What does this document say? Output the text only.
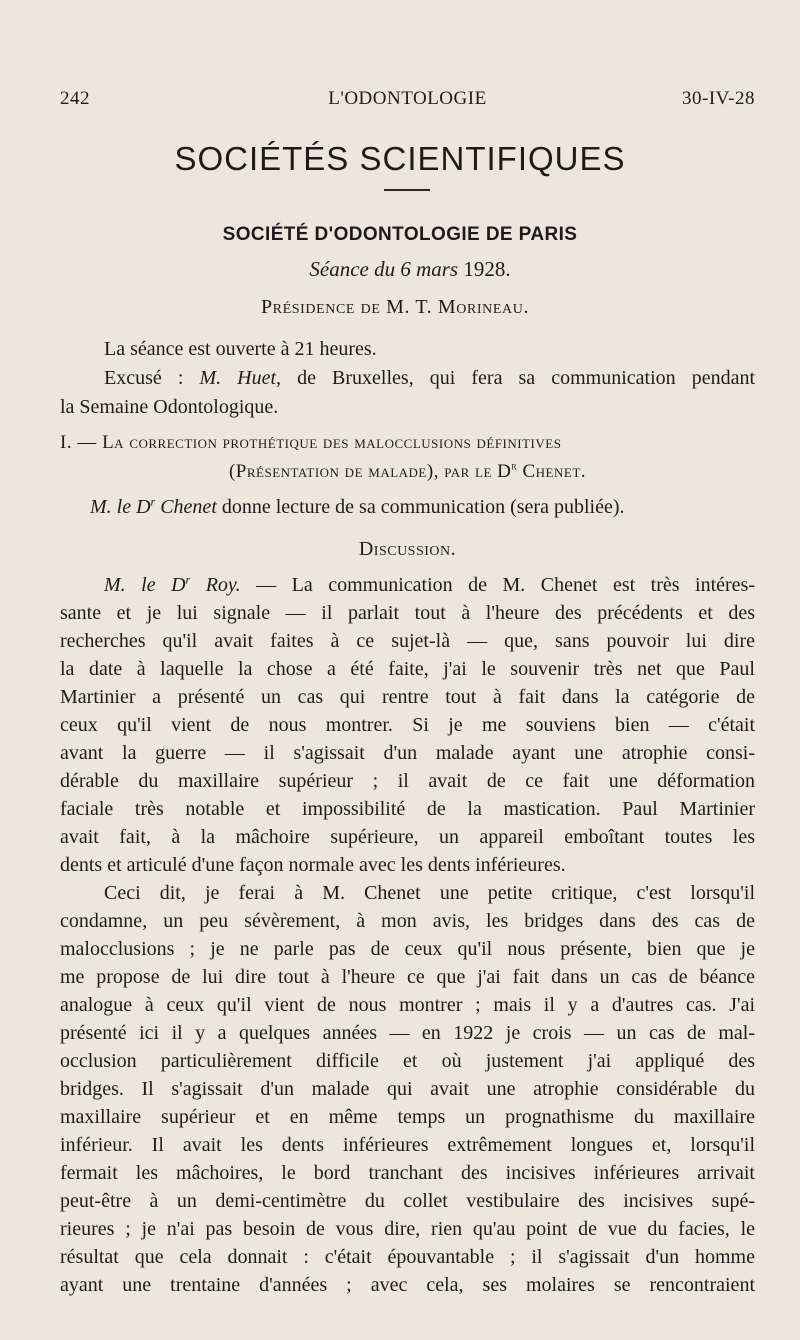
242	L'ODONTOLOGIE	30-IV-28
SOCIÉTÉS SCIENTIFIQUES
SOCIÉTÉ D'ODONTOLOGIE DE PARIS
Séance du 6 mars 1928.
Présidence de M. T. Morineau.
La séance est ouverte à 21 heures.
Excusé : M. Huet, de Bruxelles, qui fera sa communication pendant
la Semaine Odontologique.
I. — La correction prothétique des malocclusions définitives
(Présentation de malade), par le $D^r$ Chenet.
M. le $D^r$ Chenet donne lecture de sa communication (sera publiée).
Discussion.
M. le $D^r$ Roy. — La communication de M. Chenet est très intéres-
sante et je lui signale — il parlait tout à l'heure des précédents et des
recherches qu'il avait faites à ce sujet-là — que, sans pouvoir lui dire
la date à laquelle la chose a été faite, j'ai le souvenir très net que Paul
Martinier a présenté un cas qui rentre tout à fait dans la catégorie de
ceux qu'il vient de nous montrer. Si je me souviens bien — c'était
avant la guerre — il s'agissait d'un malade ayant une atrophie consi-
dérable du maxillaire supérieur ; il avait de ce fait une déformation
faciale très notable et impossibilité de la mastication. Paul Martinier
avait fait, à la mâchoire supérieure, un appareil emboîtant toutes les
dents et articulé d'une façon normale avec les dents inférieures.
Ceci dit, je ferai à M. Chenet une petite critique, c'est lorsqu'il
condamne, un peu sévèrement, à mon avis, les bridges dans des cas de
malocclusions ; je ne parle pas de ceux qu'il nous présente, bien que je
me propose de lui dire tout à l'heure ce que j'ai fait dans un cas de béance
analogue à ceux qu'il vient de nous montrer ; mais il y a d'autres cas. J'ai
présenté ici il y a quelques années — en 1922 je crois — un cas de mal-
occlusion particulièrement difficile et où justement j'ai appliqué des
bridges. Il s'agissait d'un malade qui avait une atrophie considérable du
maxillaire supérieur et en même temps un prognathisme du maxillaire
inférieur. Il avait les dents inférieures extrêmement longues et, lorsqu'il
fermait les mâchoires, le bord tranchant des incisives inférieures arrivait
peut-être à un demi-centimètre du collet vestibulaire des incisives supé-
rieures ; je n'ai pas besoin de vous dire, rien qu'au point de vue du facies, le
résultat que cela donnait : c'était épouvantable ; il s'agissait d'un homme
ayant une trentaine d'années ; avec cela, ses molaires se rencontraient
